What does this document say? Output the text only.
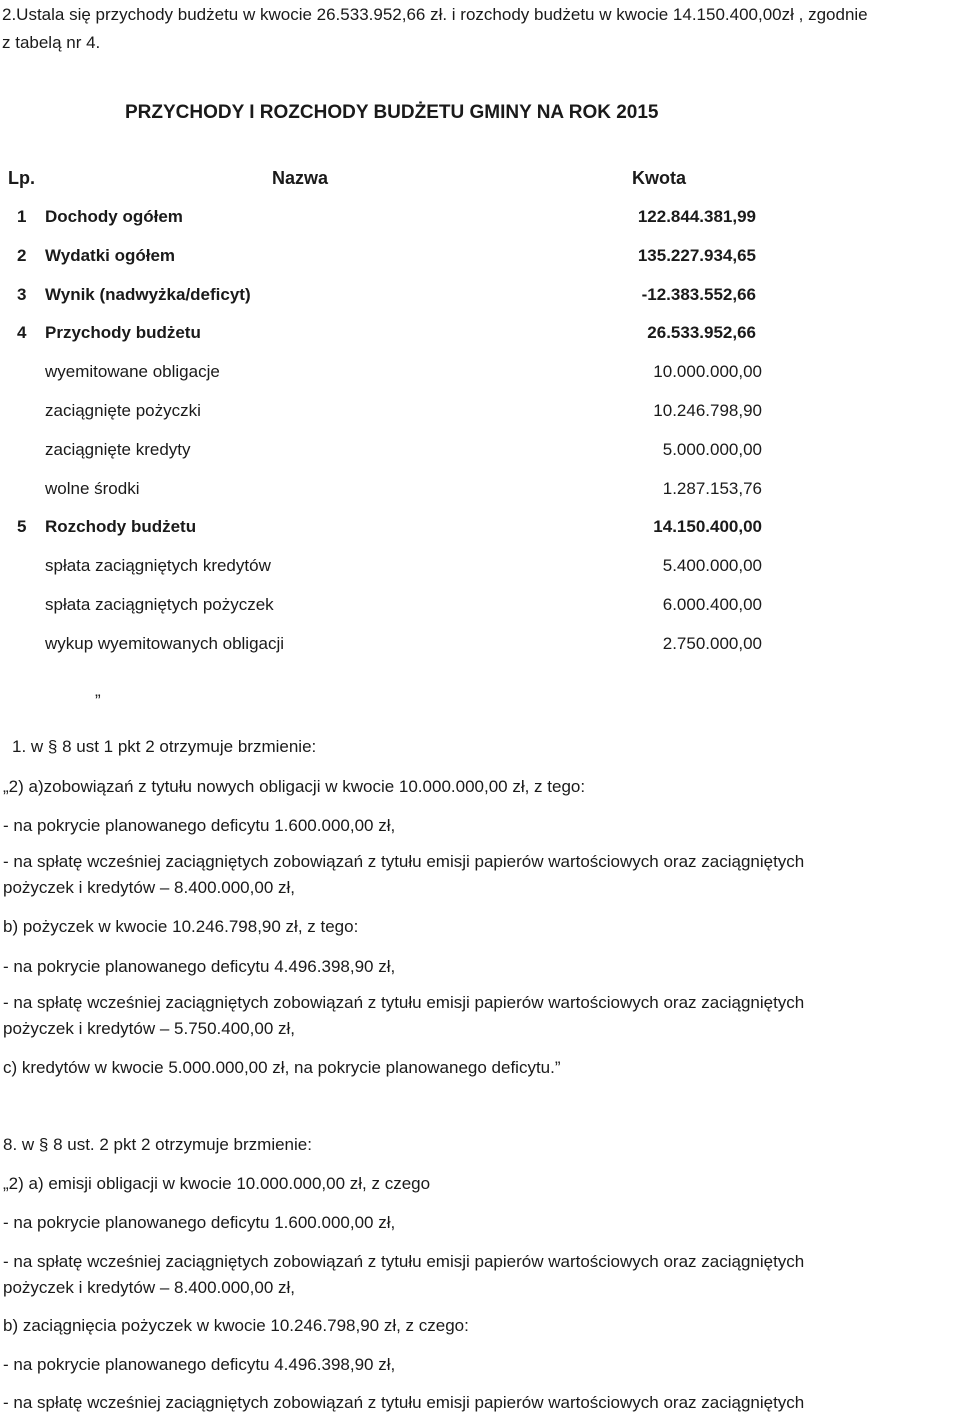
2.Ustala się przychody budżetu w kwocie 26.533.952,66 zł. i rozchody budżetu w kwocie 14.150.400,00zł , zgodnie
z tabelą nr 4.
PRZYCHODY I ROZCHODY BUDŻETU GMINY NA ROK 2015
Lp.	Nazwa	Kwota
1 Dochody ogółem	122.844.381,99
2 Wydatki ogółem	135.227.934,65
3 Wynik (nadwyżka/deficyt)	-12.383.552,66
4 Przychody budżetu	26.533.952,66
wyemitowane obligacje	10.000.000,00
zaciągnięte pożyczki	10.246.798,90
zaciągnięte kredyty	5.000.000,00
wolne środki	1.287.153,76
5 Rozchody budżetu	14.150.400,00
spłata zaciągniętych kredytów	5.400.000,00
spłata zaciągniętych pożyczek	6.000.400,00
wykup wyemitowanych obligacji	2.750.000,00
”
1. w § 8 ust 1 pkt 2 otrzymuje brzmienie:
„2) a)zobowiązań z tytułu nowych obligacji w kwocie 10.000.000,00 zł, z tego:
- na pokrycie planowanego deficytu 1.600.000,00 zł,
- na spłatę wcześniej zaciągniętych zobowiązań z tytułu emisji papierów wartościowych oraz zaciągniętych
pożyczek i kredytów – 8.400.000,00 zł,
b) pożyczek w kwocie 10.246.798,90 zł, z tego:
- na pokrycie planowanego deficytu 4.496.398,90 zł,
- na spłatę wcześniej zaciągniętych zobowiązań z tytułu emisji papierów wartościowych oraz zaciągniętych
pożyczek i kredytów – 5.750.400,00 zł,
c) kredytów w kwocie 5.000.000,00 zł, na pokrycie planowanego deficytu.”
8. w § 8 ust. 2 pkt 2 otrzymuje brzmienie:
„2) a) emisji obligacji w kwocie 10.000.000,00 zł, z czego
- na pokrycie planowanego deficytu 1.600.000,00 zł,
- na spłatę wcześniej zaciągniętych zobowiązań z tytułu emisji papierów wartościowych oraz zaciągniętych
pożyczek i kredytów – 8.400.000,00 zł,
b) zaciągnięcia pożyczek w kwocie 10.246.798,90 zł, z czego:
- na pokrycie planowanego deficytu 4.496.398,90 zł,
- na spłatę wcześniej zaciągniętych zobowiązań z tytułu emisji papierów wartościowych oraz zaciągniętych
